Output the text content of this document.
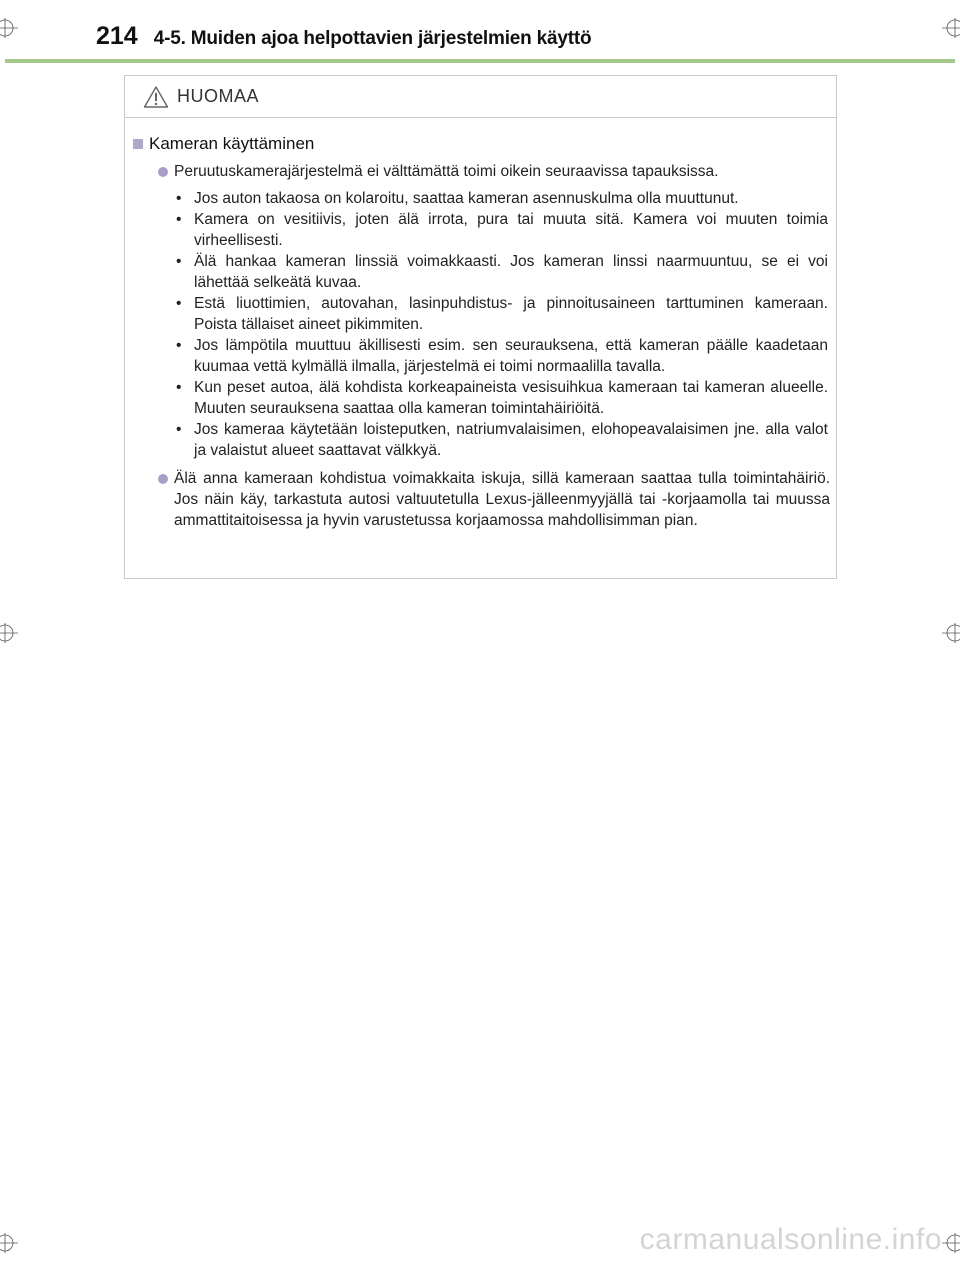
214 4-5. Muiden ajoa helpottavien järjestelmien käyttö
HUOMAA
Kameran käyttäminen
Peruutuskamerajärjestelmä ei välttämättä toimi oikein seuraavissa tapauksissa.
• Jos auton takaosa on kolaroitu, saattaa kameran asennuskulma olla muuttunut.
• Kamera on vesitiivis, joten älä irrota, pura tai muuta sitä. Kamera voi muuten toimia virheellisesti.
• Älä hankaa kameran linssiä voimakkaasti. Jos kameran linssi naarmuuntuu, se ei voi lähettää selkeätä kuvaa.
• Estä liuottimien, autovahan, lasinpuhdistus- ja pinnoitusaineen tarttuminen kameraan. Poista tällaiset aineet pikimmiten.
• Jos lämpötila muuttuu äkillisesti esim. sen seurauksena, että kameran päälle kaadetaan kuumaa vettä kylmällä ilmalla, järjestelmä ei toimi normaalilla tavalla.
• Kun peset autoa, älä kohdista korkeapaineista vesisuihkua kameraan tai kameran alueelle. Muuten seurauksena saattaa olla kameran toimintahäiriöitä.
• Jos kameraa käytetään loisteputken, natriumvalaisimen, elohopeavalaisimen jne. alla valot ja valaistut alueet saattavat välkkyä.
Älä anna kameraan kohdistua voimakkaita iskuja, sillä kameraan saattaa tulla toimintahäiriö. Jos näin käy, tarkastuta autosi valtuutetulla Lexus-jälleenmyyjällä tai -korjaamolla tai muussa ammattitaitoisessa ja hyvin varustetussa korjaamossa mahdollisimman pian.
carmanualsonline.info
